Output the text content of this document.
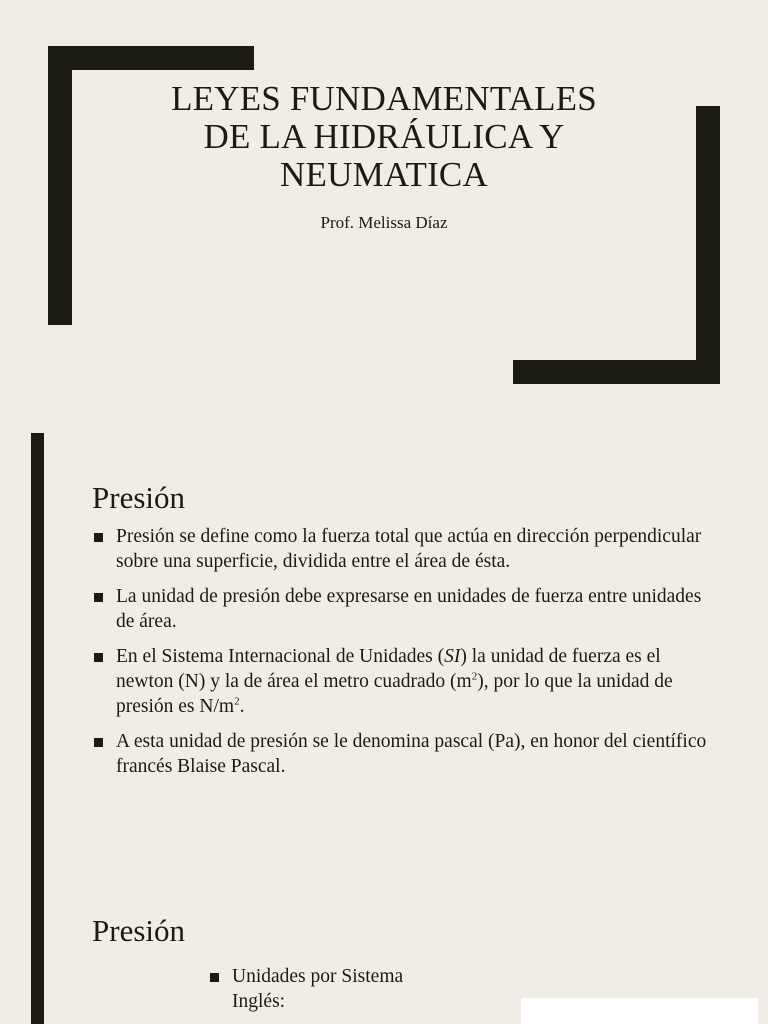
LEYES FUNDAMENTALES
DE LA HIDRÁULICA Y
NEUMATICA
Prof. Melissa Díaz
Presión
Presión se define como la fuerza total que actúa en dirección perpendicular sobre una superficie, dividida entre el área de ésta.
La unidad de presión debe expresarse en unidades de fuerza entre unidades de área.
En el Sistema Internacional de Unidades (SI) la unidad de fuerza es el newton (N) y la de área el metro cuadrado $(m^2)$, por lo que la unidad de presión es $N/m^2$.
A esta unidad de presión se le denomina pascal (Pa), en honor del científico francés Blaise Pascal.
Presión
Unidades por Sistema
Inglés:
